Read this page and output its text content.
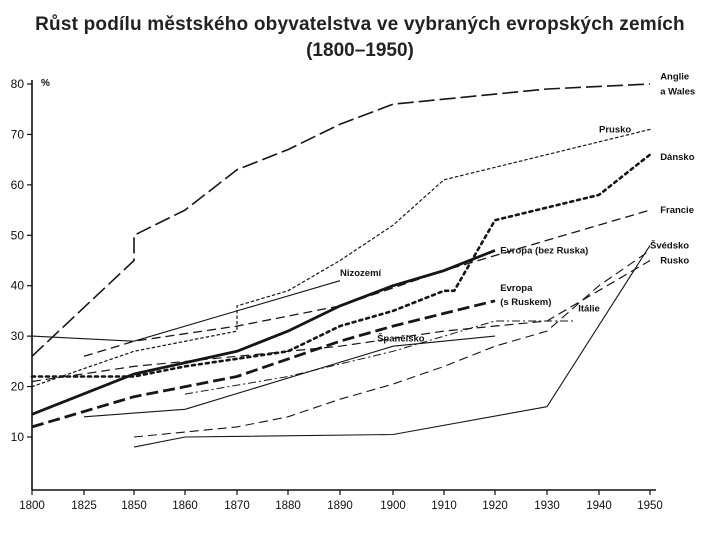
Růst podílu městského obyvatelstva ve vybraných evropských zemích
(1800–1950)
10
20
30
40
50
60
70
80 %
1800 1825 1850 1860 1870 1880 1890 1900 1910 1920 1930 1940 1950
Anglie
a Wales
Prusko
Dánsko
Francie
Evropa (bez Ruska)	Švédsko
Rusko
Nizozemí
Evropa
(s Ruskem)
Itálie
Španělsko
